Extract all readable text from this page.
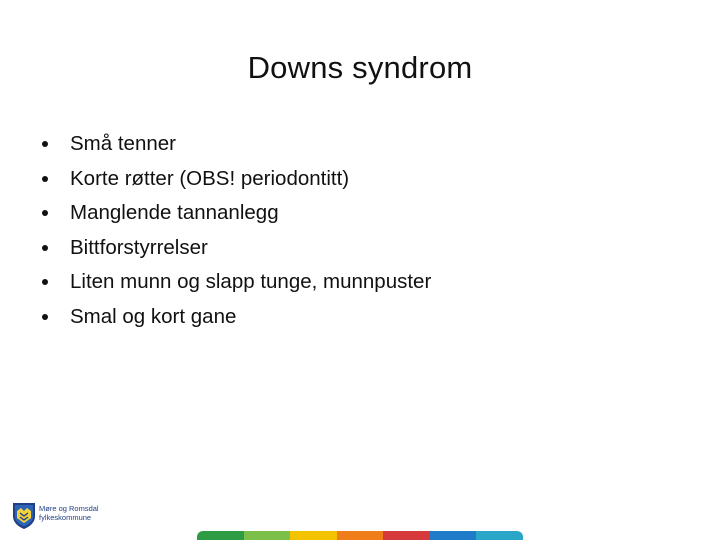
Downs syndrom
Små tenner
Korte røtter (OBS! periodontitt)
Manglende tannanlegg
Bittforstyrrelser
Liten munn og slapp tunge, munnpuster
Smal og kort gane
Møre og Romsdal
fylkeskommune
